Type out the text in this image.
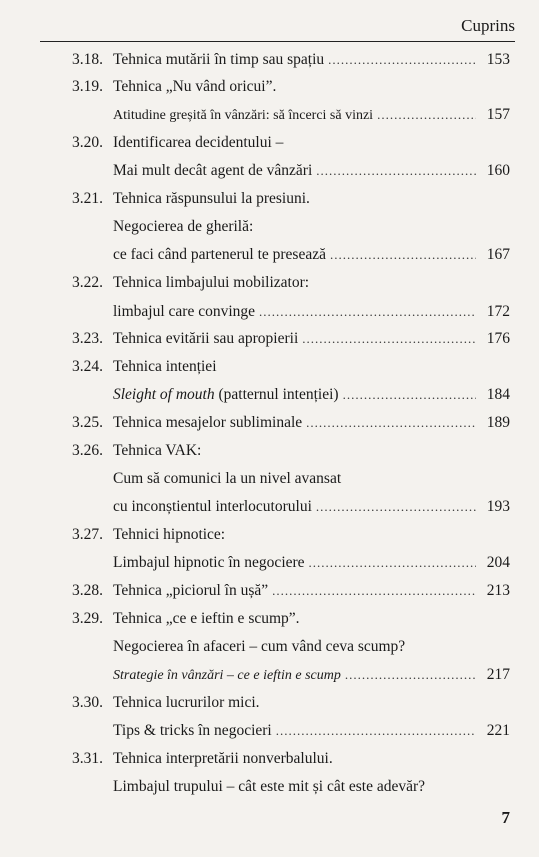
Cuprins
3.18. Tehnica mutării în timp sau spațiu .....	153
3.19. Tehnica „Nu vând oricui”.
Atitudine greșită în vânzări: să încerci să vinzi .....	157
3.20. Identificarea decidentului –
Mai mult decât agent de vânzări .....	160
3.21. Tehnica răspunsului la presiuni.
Negocierea de gherilă:
ce faci când partenerul te presează .....	167
3.22. Tehnica limbajului mobilizator:
limbajul care convinge .....	172
3.23. Tehnica evitării sau apropierii .....	176
3.24. Tehnica intenției
Sleight of mouth (patternul intenției) .....	184
3.25. Tehnica mesajelor subliminale .....	189
3.26. Tehnica VAK:
Cum să comunici la un nivel avansat
cu inconștientul interlocutorului .....	193
3.27. Tehnici hipnotice:
Limbajul hipnotic în negociere .....	204
3.28. Tehnica „piciorul în ușă” .....	213
3.29. Tehnica „ce e ieftin e scump”.
Negocierea în afaceri – cum vând ceva scump?
Strategie în vânzări – ce e ieftin e scump .....	217
3.30. Tehnica lucrurilor mici.
Tips & tricks în negocieri .....	221
3.31. Tehnica interpretării nonverbalului.
Limbajul trupului – cât este mit și cât este adevăr?
7
